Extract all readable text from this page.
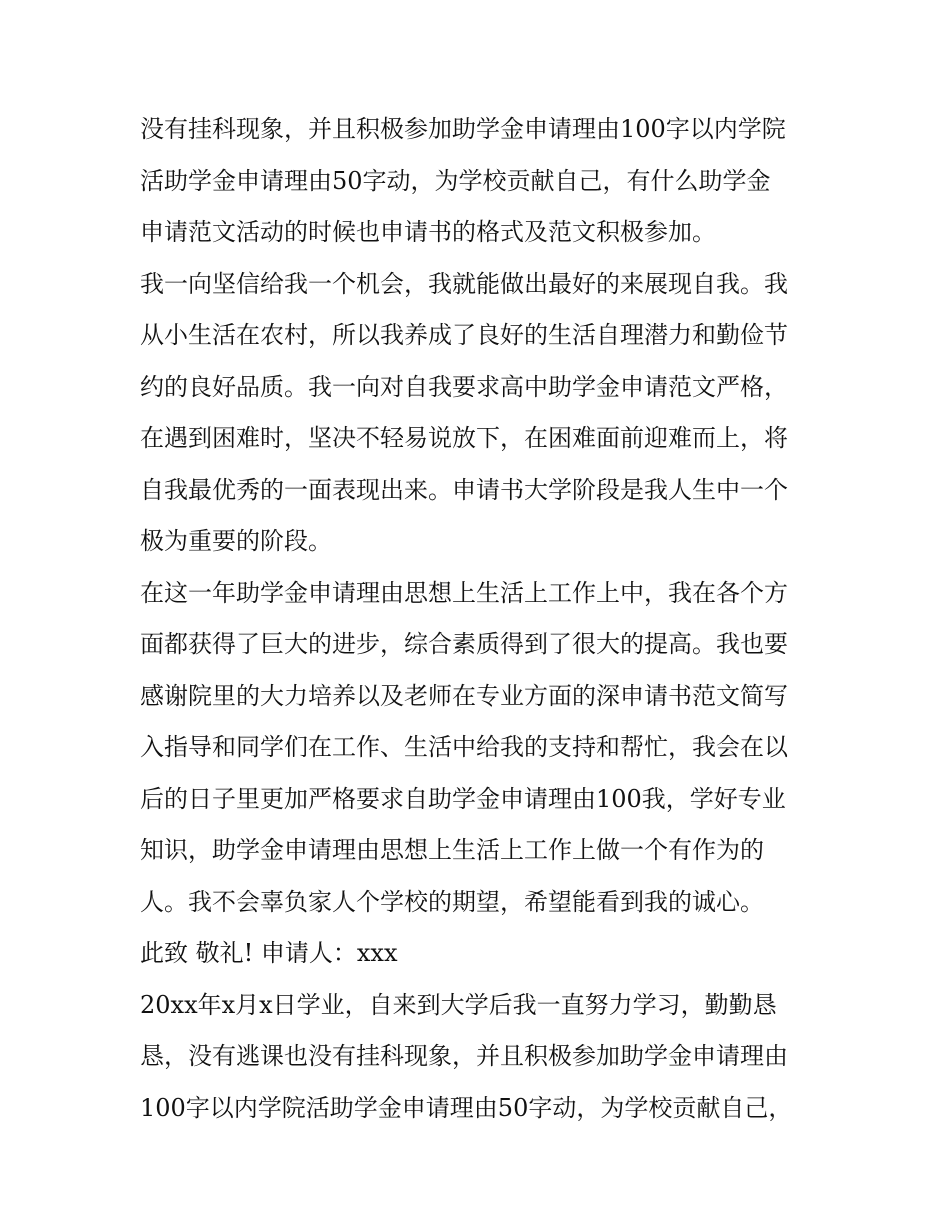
没有挂科现象，并且积极参加助学金申请理由100字以内学院
活助学金申请理由50字动，为学校贡献自己，有什么助学金
申请范文活动的时候也申请书的格式及范文积极参加。
我一向坚信给我一个机会，我就能做出最好的来展现自我。我
从小生活在农村，所以我养成了良好的生活自理潜力和勤俭节
约的良好品质。我一向对自我要求高中助学金申请范文严格，
在遇到困难时，坚决不轻易说放下，在困难面前迎难而上，将
自我最优秀的一面表现出来。申请书大学阶段是我人生中一个
极为重要的阶段。
在这一年助学金申请理由思想上生活上工作上中，我在各个方
面都获得了巨大的进步，综合素质得到了很大的提高。我也要
感谢院里的大力培养以及老师在专业方面的深申请书范文简写
入指导和同学们在工作、生活中给我的支持和帮忙，我会在以
后的日子里更加严格要求自助学金申请理由100我，学好专业
知识，助学金申请理由思想上生活上工作上做一个有作为的
人。我不会辜负家人个学校的期望，希望能看到我的诚心。
此致 敬礼! 申请人：xxx
20xx年x月x日学业，自来到大学后我一直努力学习，勤勤恳
恳，没有逃课也没有挂科现象，并且积极参加助学金申请理由
100字以内学院活助学金申请理由50字动，为学校贡献自己，
